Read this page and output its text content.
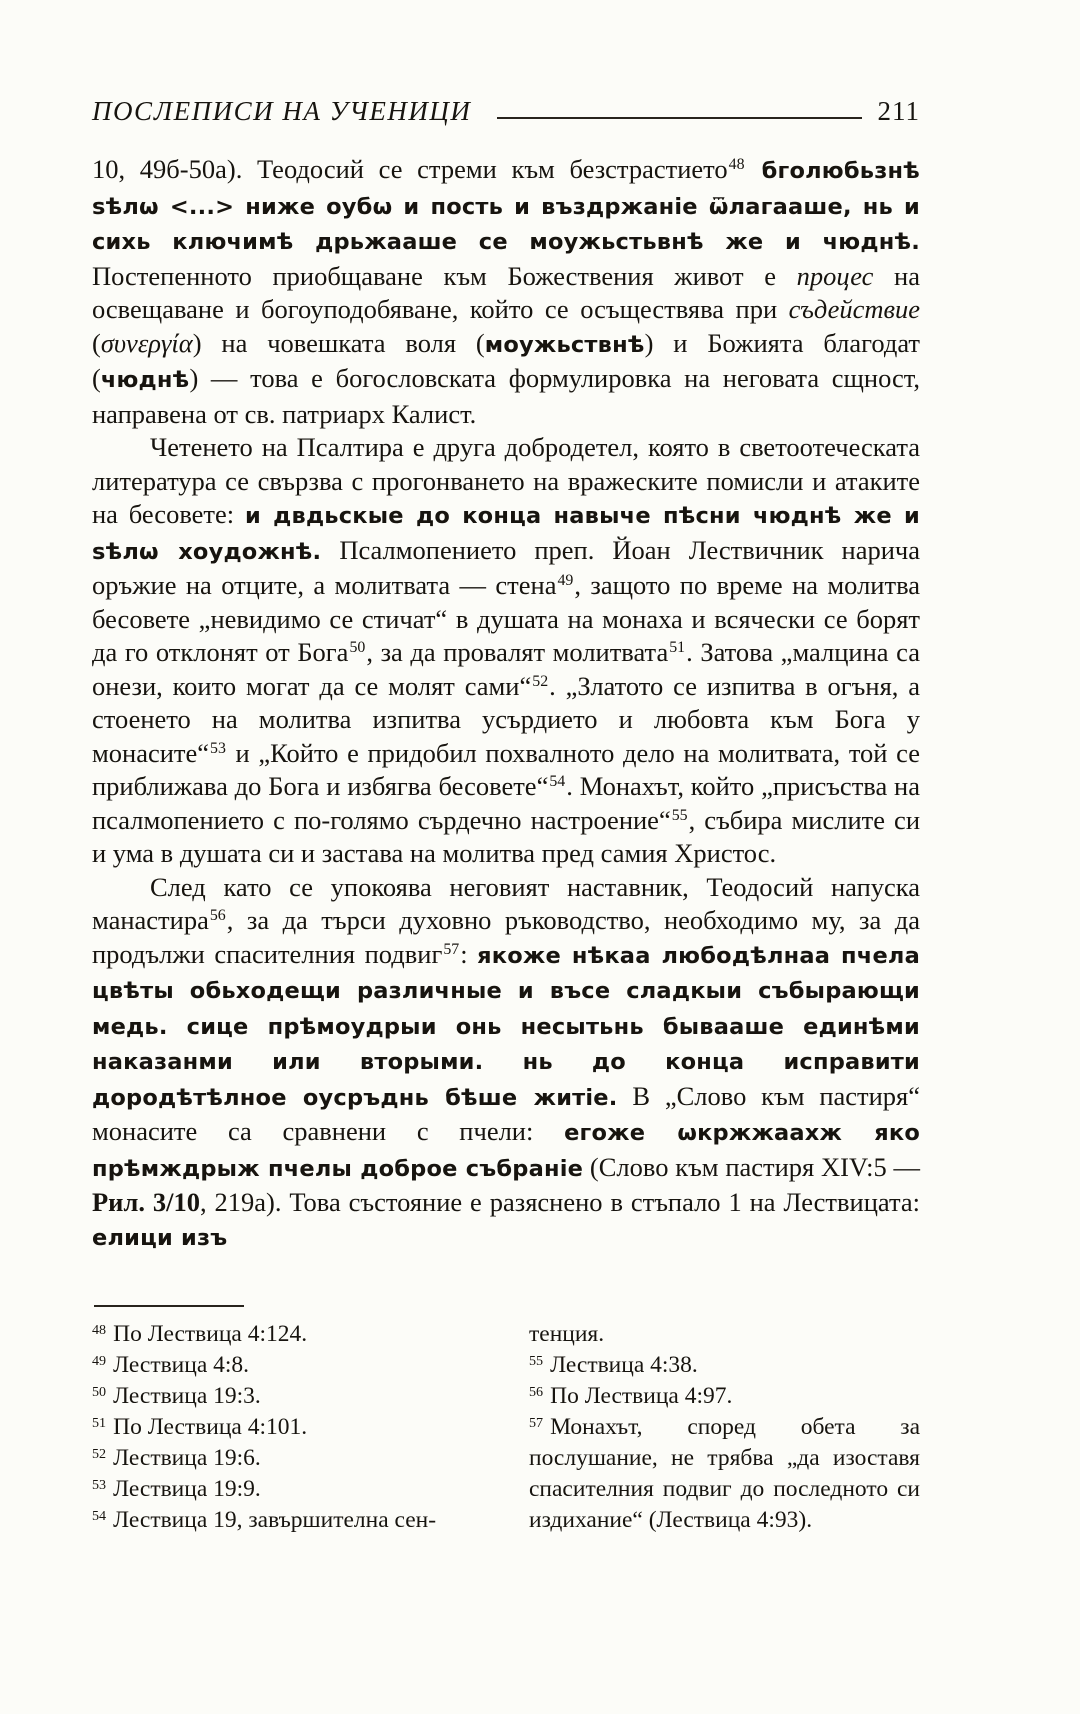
ПОСЛЕПИСИ НА УЧЕНИЦИ	211

10, 49б-50а). Теодосий се стреми към безстрастието$^{48}$ бголюбьзнѣ ѕѣлѡ <...> ниже оубѡ и пость и въздржаніе ѿлагааше, нь и сихь ключимѣ дрьжааше се моужьстьвнѣ же и чюднѣ. Постепенното приобщаване към Божествения живот е процес на освещаване и богоуподобяване, който се осъществява при съдействие (συνεργία) на човешката воля (моужьствнѣ) и Божията благодат (чюднѣ) — това е богословската формулировка на неговата сщност, направена от св. патриарх Калист.

Четенето на Псалтира е друга добродетел, която в светоотеческата литература се свързва с прогонването на вражеските помисли и атаките на бесовете: и двдьскые до конца навыче пѣсни чюднѣ же и ѕѣлѡ хоудожнѣ. Псалмопението преп. Йоан Лествичник нарича оръжие на отците, а молитвата — стена$^{49}$, защото по време на молитва бесовете „невидимо се стичат“ в душата на монаха и всячески се борят да го отклонят от Бога$^{50}$, за да провалят молитвата$^{51}$. Затова „малцина са онези, които могат да се молят сами“$^{52}$. „Златото се изпитва в огъня, а стоенето на молитва изпитва усърдието и любовта към Бога у монасите“$^{53}$ и „Който е придобил похвалното дело на молитвата, той се приближава до Бога и избягва бесовете“$^{54}$. Монахът, който „присъства на псалмопението с по-голямо сърдечно настроение“$^{55}$, събира мислите си и ума в душата си и застава на молитва пред самия Христос.

След като се упокоява неговият наставник, Теодосий напуска манастира$^{56}$, за да търси духовно ръководство, необходимо му, за да продължи спасителния подвиг$^{57}$: якоже нѣкаа любодѣлнаа пчела цвѣты обьходещи различные и въсе сладкыи събырающи медь. сице прѣмоудрыи онь несытьнь бывааше единѣми наказанми или вторыми. нь до конца исправити дородѣтѣлное оусръднь бѣше житіе. В „Слово към пастиря“ монасите са сравнени с пчели: егоже ѡкржжаахж яко прѣмждрыж пчелы доброе събраніе (Слово към пастиря XIV:5 — Рил. 3/10, 219а). Това състояние е разяснено в стъпало 1 на Лествицата: елици изъ

$^{48}$ По Лествица 4:124.

$^{49}$ Лествица 4:8.

$^{50}$ Лествица 19:3.

$^{51}$ По Лествица 4:101.

$^{52}$ Лествица 19:6.

$^{53}$ Лествица 19:9.

$^{54}$ Лествица 19, завършителна сен-

тенция.

$^{55}$ Лествица 4:38.

$^{56}$ По Лествица 4:97.

$^{57}$ Монахът, според обета за послушание, не трябва „да изоставя спасителния подвиг до последното си издихание“ (Лествица 4:93).
